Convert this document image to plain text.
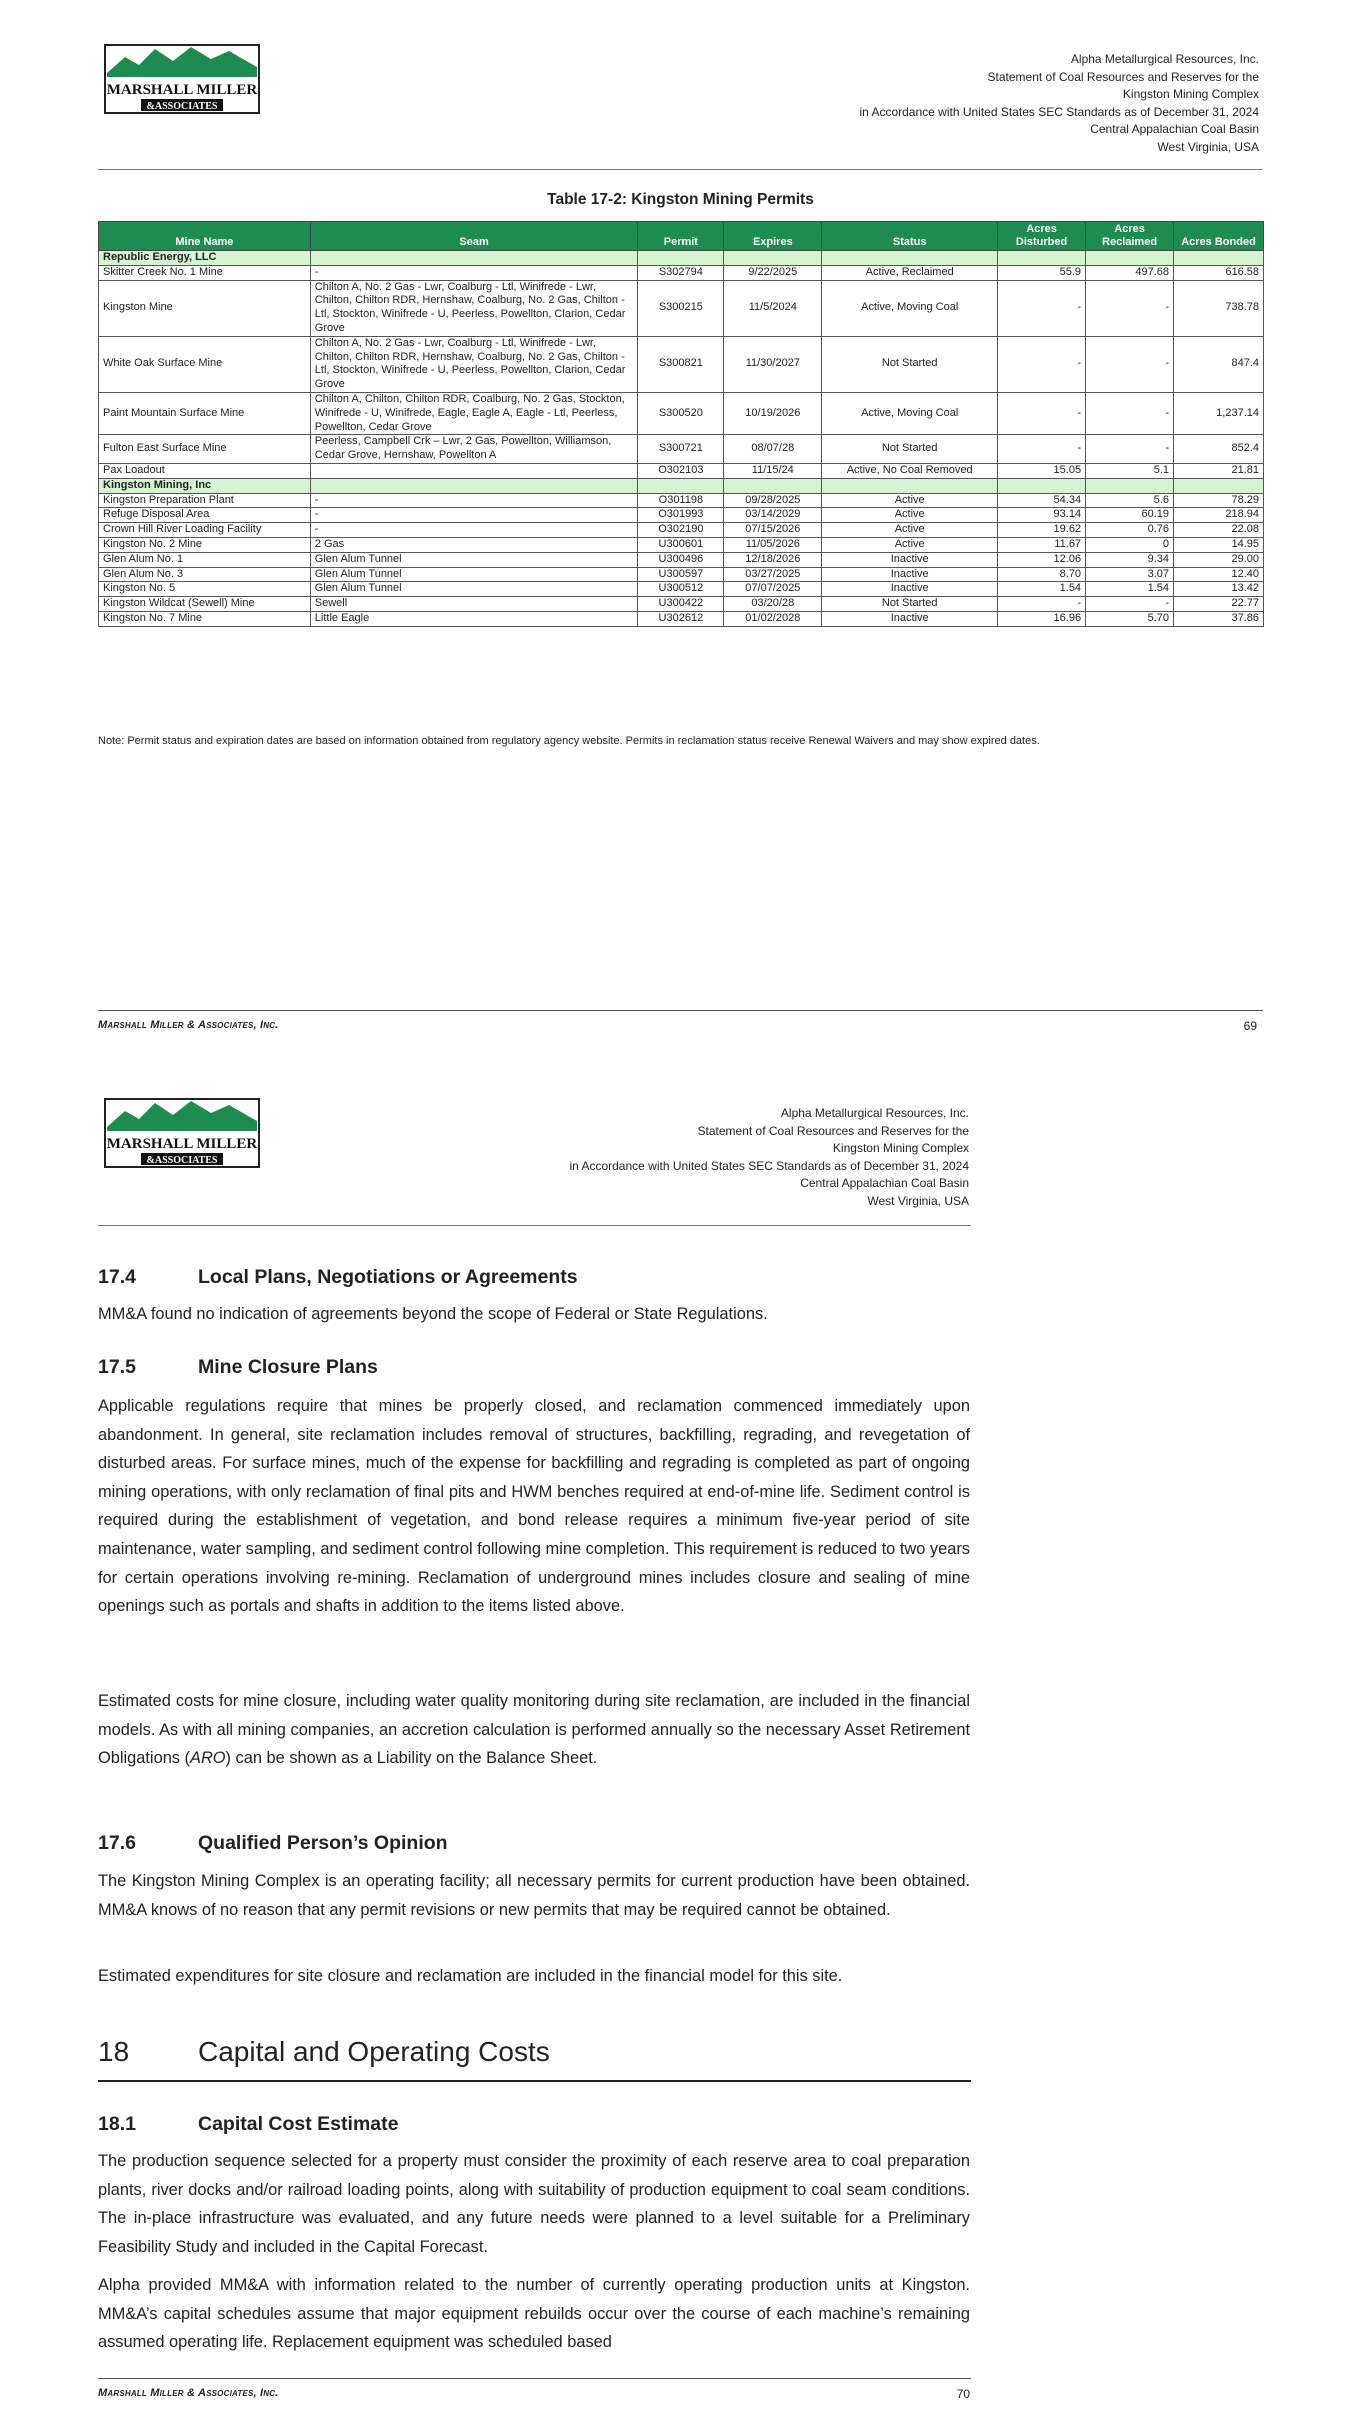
MARSHALL MILLER
&ASSOCIATES
Alpha Metallurgical Resources, Inc.
Statement of Coal Resources and Reserves for the
Kingston Mining Complex
in Accordance with United States SEC Standards as of December 31, 2024
Central Appalachian Coal Basin
West Virginia, USA
Table 17-2: Kingston Mining Permits
Mine Name	Seam	Permit	Expires	Status	Acres Disturbed	Acres Reclaimed	Acres Bonded
Republic Energy, LLC							
Skitter Creek No. 1 Mine	-	S302794	9/22/2025	Active, Reclaimed	55.9	497.68	616.58
Kingston Mine	Chilton A, No. 2 Gas - Lwr, Coalburg - Ltl, Winifrede - Lwr, Chilton, Chilton RDR, Hernshaw, Coalburg, No. 2 Gas, Chilton - Ltl, Stockton, Winifrede - U, Peerless, Powellton, Clarion, Cedar Grove	S300215	11/5/2024	Active, Moving Coal	-	-	738.78
White Oak Surface Mine	Chilton A, No. 2 Gas - Lwr, Coalburg - Ltl, Winifrede - Lwr, Chilton, Chilton RDR, Hernshaw, Coalburg, No. 2 Gas, Chilton - Ltl, Stockton, Winifrede - U, Peerless, Powellton, Clarion, Cedar Grove	S300821	11/30/2027	Not Started	-	-	847.4
Paint Mountain Surface Mine	Chilton A, Chilton, Chilton RDR, Coalburg, No. 2 Gas, Stockton, Winifrede - U, Winifrede, Eagle, Eagle A, Eagle - Ltl, Peerless, Powellton, Cedar Grove	S300520	10/19/2026	Active, Moving Coal	-	-	1,237.14
Fulton East Surface Mine	Peerless, Campbell Crk – Lwr, 2 Gas, Powellton, Williamson, Cedar Grove, Hernshaw, Powellton A	S300721	08/07/28	Not Started	-	-	852.4
Pax Loadout		O302103	11/15/24	Active, No Coal Removed	15.05	5.1	21.81
Kingston Mining, Inc							
Kingston Preparation Plant	-	O301198	09/28/2025	Active	54.34	5.6	78.29
Refuge Disposal Area	-	O301993	03/14/2029	Active	93.14	60.19	218.94
Crown Hill River Loading Facility	-	O302190	07/15/2026	Active	19.62	0.76	22.08
Kingston No. 2 Mine	2 Gas	U300601	11/05/2026	Active	11.67	0	14.95
Glen Alum No. 1	Glen Alum Tunnel	U300496	12/18/2026	Inactive	12.06	9.34	29.00
Glen Alum No. 3	Glen Alum Tunnel	U300597	03/27/2025	Inactive	8.70	3.07	12.40
Kingston No. 5	Glen Alum Tunnel	U300512	07/07/2025	Inactive	1.54	1.54	13.42
Kingston Wildcat (Sewell) Mine	Sewell	U300422	03/20/28	Not Started	-	-	22.77
Kingston No. 7 Mine	Little Eagle	U302612	01/02/2028	Inactive	16.96	5.70	37.86
Note: Permit status and expiration dates are based on information obtained from regulatory agency website. Permits in reclamation status receive Renewal Waivers and may show expired dates.
Marshall Miller & Associates, Inc.	69
MARSHALL MILLER
&ASSOCIATES
Alpha Metallurgical Resources, Inc.
Statement of Coal Resources and Reserves for the
Kingston Mining Complex
in Accordance with United States SEC Standards as of December 31, 2024
Central Appalachian Coal Basin
West Virginia, USA
17.4	Local Plans, Negotiations or Agreements

MM&A found no indication of agreements beyond the scope of Federal or State Regulations.

17.5	Mine Closure Plans

Applicable regulations require that mines be properly closed, and reclamation commenced immediately upon abandonment. In general, site reclamation includes removal of structures, backfilling, regrading, and revegetation of disturbed areas. For surface mines, much of the expense for backfilling and regrading is completed as part of ongoing mining operations, with only reclamation of final pits and HWM benches required at end-of-mine life. Sediment control is required during the establishment of vegetation, and bond release requires a minimum five-year period of site maintenance, water sampling, and sediment control following mine completion. This requirement is reduced to two years for certain operations involving re-mining. Reclamation of underground mines includes closure and sealing of mine openings such as portals and shafts in addition to the items listed above.

Estimated costs for mine closure, including water quality monitoring during site reclamation, are included in the financial models. As with all mining companies, an accretion calculation is performed annually so the necessary Asset Retirement Obligations (ARO) can be shown as a Liability on the Balance Sheet.

17.6	Qualified Person’s Opinion

The Kingston Mining Complex is an operating facility; all necessary permits for current production have been obtained. MM&A knows of no reason that any permit revisions or new permits that may be required cannot be obtained.

Estimated expenditures for site closure and reclamation are included in the financial model for this site.

18 Capital and Operating Costs
18.1	Capital Cost Estimate

The production sequence selected for a property must consider the proximity of each reserve area to coal preparation plants, river docks and/or railroad loading points, along with suitability of production equipment to coal seam conditions. The in-place infrastructure was evaluated, and any future needs were planned to a level suitable for a Preliminary Feasibility Study and included in the Capital Forecast.

Alpha provided MM&A with information related to the number of currently operating production units at Kingston. MM&A’s capital schedules assume that major equipment rebuilds occur over the course of each machine’s remaining assumed operating life. Replacement equipment was scheduled based

Marshall Miller & Associates, Inc.	70
